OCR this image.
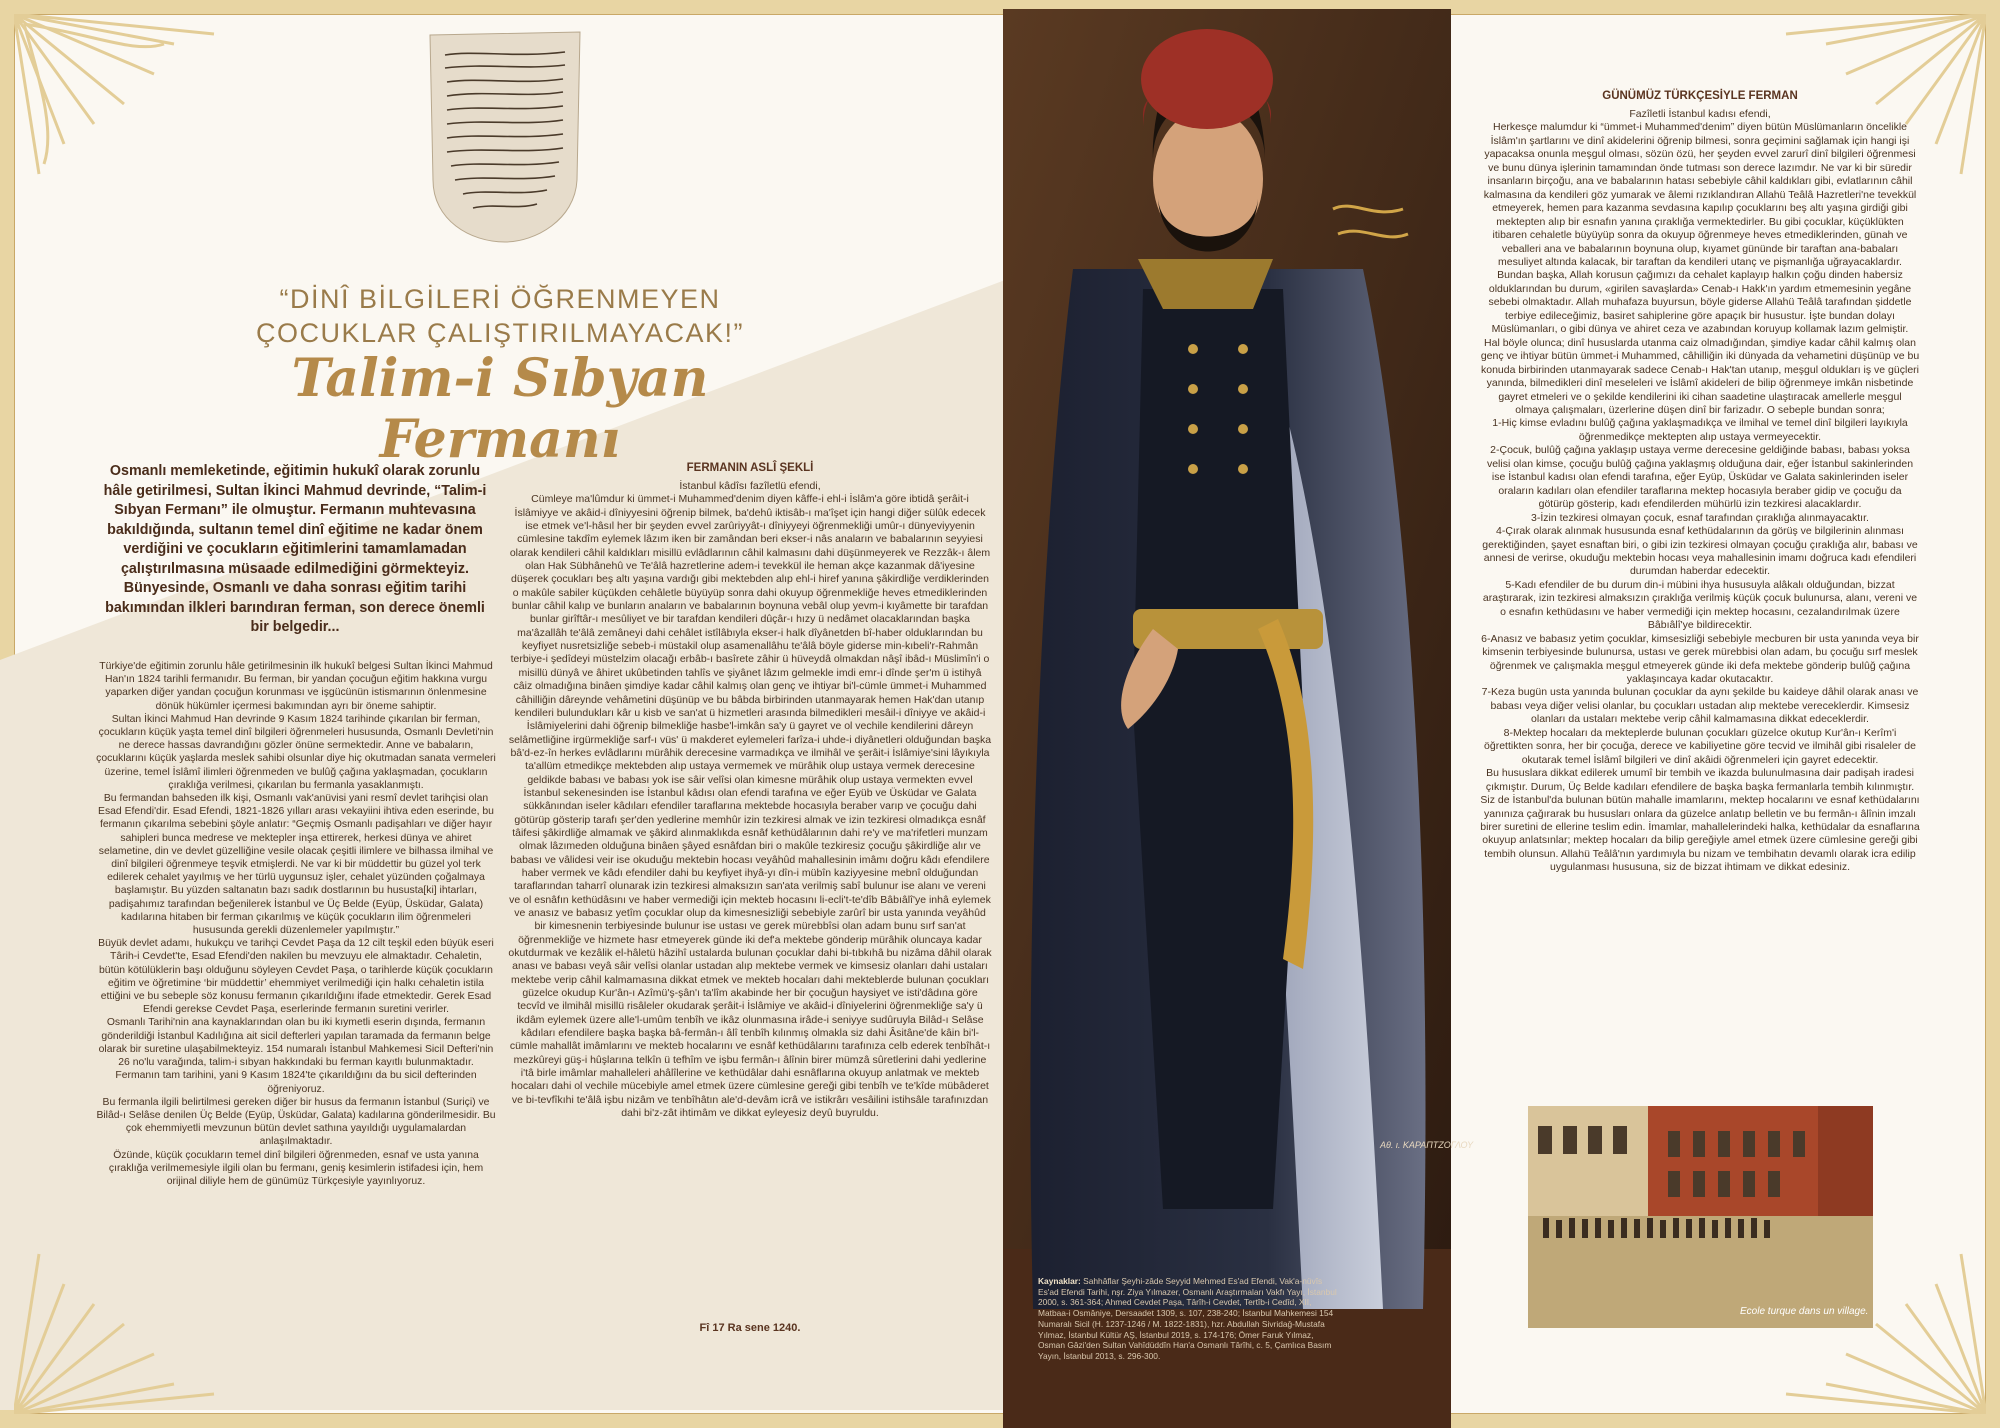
“DİNÎ BİLGİLERİ ÖĞRENMEYEN
ÇOCUKLAR ÇALIŞTIRILMAYACAK!”
Talim-i Sıbyan Fermanı
Osmanlı memleketinde, eğitimin hukukî olarak zorunlu hâle getirilmesi, Sultan İkinci Mahmud devrinde, “Talim-i Sıbyan Fermanı” ile olmuştur. Fermanın muhtevasına bakıldığında, sultanın temel dinî eğitime ne kadar önem verdiğini ve çocukların eğitimlerini tamamlamadan çalıştırılmasına müsaade edilmediğini görmekteyiz. Bünyesinde, Osmanlı ve daha sonrası eğitim tarihi bakımından ilkleri barındıran ferman, son derece önemli bir belgedir...

Türkiye'de eğitimin zorunlu hâle getirilmesinin ilk hukukî belgesi Sultan İkinci Mahmud Han'ın 1824 tarihli fermanıdır. Bu ferman, bir yandan çocuğun eğitim hakkına vurgu yaparken diğer yandan çocuğun korunması ve işgücünün istismarının önlenmesine dönük hükümler içermesi bakımından ayrı bir öneme sahiptir.

Sultan İkinci Mahmud Han devrinde 9 Kasım 1824 tarihinde çıkarılan bir ferman, çocukların küçük yaşta temel dinî bilgileri öğrenmeleri hususunda, Osmanlı Devleti'nin ne derece hassas davrandığını gözler önüne sermektedir. Anne ve babaların, çocuklarını küçük yaşlarda meslek sahibi olsunlar diye hiç okutmadan sanata vermeleri üzerine, temel İslâmî ilimleri öğrenmeden ve bulûğ çağına yaklaşmadan, çocukların çıraklığa verilmesi, çıkarılan bu fermanla yasaklanmıştı.

Bu fermandan bahseden ilk kişi, Osmanlı vak'anüvisi yani resmî devlet tarihçisi olan Esad Efendi'dir. Esad Efendi, 1821-1826 yılları arası vekayiini ihtiva eden eserinde, bu fermanın çıkarılma sebebini şöyle anlatır: “Geçmiş Osmanlı padişahları ve diğer hayır sahipleri bunca medrese ve mektepler inşa ettirerek, herkesi dünya ve ahiret selametine, din ve devlet güzelliğine vesile olacak çeşitli ilimlere ve bilhassa ilmihal ve dinî bilgileri öğrenmeye teşvik etmişlerdi. Ne var ki bir müddettir bu güzel yol terk edilerek cehalet yayılmış ve her türlü uygunsuz işler, cehalet yüzünden çoğalmaya başlamıştır. Bu yüzden saltanatın bazı sadık dostlarının bu hususta[ki] ihtarları, padişahımız tarafından beğenilerek İstanbul ve Üç Belde (Eyüp, Üsküdar, Galata) kadılarına hitaben bir ferman çıkarılmış ve küçük çocukların ilim öğrenmeleri hususunda gerekli düzenlemeler yapılmıştır.”

Büyük devlet adamı, hukukçu ve tarihçi Cevdet Paşa da 12 cilt teşkil eden büyük eseri Târih-i Cevdet'te, Esad Efendi'den nakilen bu mevzuyu ele almaktadır. Cehaletin, bütün kötülüklerin başı olduğunu söyleyen Cevdet Paşa, o tarihlerde küçük çocukların eğitim ve öğretimine ‘bir müddettir’ ehemmiyet verilmediği için halkı cehaletin istila ettiğini ve bu sebeple söz konusu fermanın çıkarıldığını ifade etmektedir. Gerek Esad Efendi gerekse Cevdet Paşa, eserlerinde fermanın suretini verirler.

Osmanlı Tarihi'nin ana kaynaklarından olan bu iki kıymetli eserin dışında, fermanın gönderildiği İstanbul Kadılığına ait sicil defterleri yapılan taramada da fermanın belge olarak bir suretine ulaşabilmekteyiz. 154 numaralı İstanbul Mahkemesi Sicil Defteri'nin 26 no'lu varağında, talim-i sıbyan hakkındaki bu ferman kayıtlı bulunmaktadır. Fermanın tam tarihini, yani 9 Kasım 1824'te çıkarıldığını da bu sicil defterinden öğreniyoruz.

Bu fermanla ilgili belirtilmesi gereken diğer bir husus da fermanın İstanbul (Suriçi) ve Bilâd-ı Selâse denilen Üç Belde (Eyüp, Üsküdar, Galata) kadılarına gönderilmesidir. Bu çok ehemmiyetli mevzunun bütün devlet sathına yayıldığı uygulamalardan anlaşılmaktadır.

Özünde, küçük çocukların temel dinî bilgileri öğrenmeden, esnaf ve usta yanına çıraklığa verilmemesiyle ilgili olan bu fermanı, geniş kesimlerin istifadesi için, hem orijinal diliyle hem de günümüz Türkçesiyle yayınlıyoruz.

FERMANIN ASLÎ ŞEKLİ

İstanbul kâdîsı fazîletlü efendi,

Cümleye ma'lûmdur ki ümmet-i Muhammed'denim diyen kâffe-i ehl-i İslâm'a göre ibtidâ şerâit-i İslâmiyye ve akâid-i dîniyyesini öğrenip bilmek, ba'dehû iktisâb-ı ma'îşet için hangi diğer sülûk edecek ise etmek ve'l-hâsıl her bir şeyden evvel zarûriyyât-ı dîniyyeyi öğrenmekliği umûr-ı dünyeviyyenin cümlesine takdîm eylemek lâzım iken bir zamândan beri ekser-i nâs anaların ve babalarının seyyiesi olarak kendileri câhil kaldıkları misillü evlâdlarının câhil kalmasını dahi düşünmeyerek ve Rezzâk-ı âlem olan Hak Sübhânehû ve Te'âlâ hazretlerine adem-i tevekkül ile heman akçe kazanmak dâ'iyesine düşerek çocukları beş altı yaşına vardığı gibi mektebden alıp ehl-i hiref yanına şâkirdliğe verdiklerinden o makûle sabiler küçükden cehâletle büyüyüp sonra dahi okuyup öğrenmekliğe heves etmediklerinden bunlar câhil kalıp ve bunların anaların ve babalarının boynuna vebâl olup yevm-i kıyâmette bir tarafdan bunlar girîftâr-ı mesûliyet ve bir tarafdan kendileri dûçâr-ı hızy ü nedâmet olacaklarından başka ma'âzallâh te'âlâ zemâneyi dahi cehâlet istîlâbıyla ekser-i halk dîyânetden bî-haber olduklarından bu keyfiyet nusretsizliğe sebeb-i müstakil olup asamenallâhu te'âlâ böyle giderse min-kıbeli'r-Rahmân terbiye-i şedîdeyi müstelzim olacağı erbâb-ı basîrete zâhir ü hüveydâ olmakdan nâşî ibâd-ı Müslimîn'i o misillü dünyâ ve âhiret ukûbetinden tahlîs ve şiyânet lâzım gelmekle imdi emr-i dînde şer'm ü istihyâ câiz olmadığına binâen şimdiye kadar câhil kalmış olan genç ve ihtiyar bi'l-cümle ümmet-i Muhammed câhilliğin dâreynde vehâmetini düşünüp ve bu bâbda birbirinden utanmayarak hemen Hak'dan utanıp kendileri bulundukları kâr u kisb ve san'at ü hizmetleri arasında bilmedikleri mesâil-i dîniyye ve akâid-i İslâmiyelerini dahi öğrenip bilmekliğe hasbe'l-imkân sa'y ü gayret ve ol vechile kendilerini dâreyn selâmetliğine irgürmekliğe sarf-ı vüs' ü makderet eylemeleri farîza-i uhde-i diyânetleri olduğundan başka bâ'd-ez-în herkes evlâdlarını mürâhik derecesine varmadıkça ve ilmihâl ve şerâit-i İslâmiye'sini lâyıkıyla ta'allüm etmedikçe mektebden alıp ustaya vermemek ve mürâhik olup ustaya vermek derecesine geldikde babası ve babası yok ise sâir velîsi olan kimesne mürâhik olup ustaya vermekten evvel İstanbul sekenesinden ise İstanbul kâdısı olan efendi tarafına ve eğer Eyüb ve Üsküdar ve Galata sükkânından iseler kâdıları efendiler taraflarına mektebde hocasıyla beraber varıp ve çocuğu dahi götürüp gösterip tarafı şer'den yedlerine memhûr izin tezkiresi almak ve izin tezkiresi olmadıkça esnâf tâifesi şâkirdliğe almamak ve şâkird alınmaklıkda esnâf kethüdâlarının dahi re'y ve ma'rifetleri munzam olmak lâzımeden olduğuna binâen şâyed esnâfdan biri o makûle tezkiresiz çocuğu şâkirdliğe alır ve babası ve vâlidesi veir ise okuduğu mektebin hocası veyâhûd mahallesinin imâmı doğru kâdı efendilere haber vermek ve kâdı efendiler dahi bu keyfiyet ihyâ-yı dîn-i mübîn kaziyyesine mebnî olduğundan taraflarından taharrî olunarak izin tezkiresi almaksızın san'ata verilmiş sabî bulunur ise alanı ve vereni ve ol esnâfın kethüdâsını ve haber vermediği için mekteb hocasını li-ecli't-te'dîb Bâbıâlî'ye inhâ eylemek ve anasız ve babasız yetîm çocuklar olup da kimesnesizliği sebebiyle zarûrî bir usta yanında veyâhûd bir kimesnenin terbiyesinde bulunur ise ustası ve gerek mürebbîsi olan adam bunu sırf san'at öğrenmekliğe ve hizmete hasr etmeyerek günde iki def'a mektebe gönderip mürâhik oluncaya kadar okutdurmak ve kezâlik el-hâletü hâzihî ustalarda bulunan çocuklar dahi bi-tıbkıhâ bu nizâma dâhil olarak anası ve babası veyâ sâir velîsi olanlar ustadan alıp mektebe vermek ve kimsesiz olanları dahi ustaları mektebe verip câhil kalmamasına dikkat etmek ve mekteb hocaları dahi mekteblerde bulunan çocukları güzelce okudup Kur'ân-ı Azîmü'ş-şân'ı ta'lîm akabinde her bir çocuğun haysiyet ve isti'dâdına göre tecvîd ve ilmihâl misillü risâleler okudarak şerâit-i İslâmiye ve akâid-i dîniyelerini öğrenmekliğe sa'y ü ikdâm eylemek üzere alle'l-umûm tenbîh ve ikâz olunmasına irâde-i seniyye sudûruyla Bilâd-ı Selâse kâdıları efendilere başka başka bâ-fermân-ı âlî tenbîh kılınmış olmakla siz dahi Âsitâne'de kâin bi'l-cümle mahallât imâmlarını ve mekteb hocalarını ve esnâf kethüdâlarını tarafınıza celb ederek tenbîhât-ı mezkûreyi güş-i hûşlarına telkîn ü tefhîm ve işbu fermân-ı âlînin birer mümzâ sûretlerini dahi yedlerine i'tâ birle imâmlar mahalleleri ahâlîlerine ve kethüdâlar dahi esnâflarına okuyup anlatmak ve mekteb hocaları dahi ol vechile mücebiyle amel etmek üzere cümlesine gereği gibi tenbîh ve te'kîde mübâderet ve bi-tevfîkıhi te'âlâ işbu nizâm ve tenbîhâtın ale'd-devâm icrâ ve istikrârı vesâilini istihsâle tarafınızdan dahi bi'z-zât ihtimâm ve dikkat eyleyesiz deyû buyruldu.

Fî 17 Ra sene 1240.
Αθ. ι. ΚΑΡΑΠΤΖΟΓΛΟΥ
Kaynaklar: Sahhâflar Şeyhi-zâde Seyyid Mehmed Es'ad Efendi, Vak'a-nüvîs Es'ad Efendi Tarihi, nşr. Ziya Yılmazer, Osmanlı Araştırmaları Vakfı Yayı, İstanbul 2000, s. 361-364; Ahmed Cevdet Paşa, Târîh-i Cevdet, Tertîb-i Cedîd, XII, Matbaa-i Osmâniye, Dersaadet 1309, s. 107, 238-240; İstanbul Mahkemesi 154 Numaralı Sicil (H. 1237-1246 / M. 1822-1831), hzr. Abdullah Sivridağ-Mustafa Yılmaz, İstanbul Kültür AŞ, İstanbul 2019, s. 174-176; Ömer Faruk Yılmaz, Osman Gâzi'den Sultan Vahîdüddîn Han'a Osmanlı Târîhi, c. 5, Çamlıca Basım Yayın, İstanbul 2013, s. 296-300.
GÜNÜMÜZ TÜRKÇESİYLE FERMAN

Fazîletli İstanbul kadısı efendi,

Herkesçe malumdur ki “ümmet-i Muhammed'denim” diyen bütün Müslümanların öncelikle İslâm'ın şartlarını ve dinî akidelerini öğrenip bilmesi, sonra geçimini sağlamak için hangi işi yapacaksa onunla meşgul olması, sözün özü, her şeyden evvel zarurî dinî bilgileri öğrenmesi ve bunu dünya işlerinin tamamından önde tutması son derece lazımdır. Ne var ki bir süredir insanların birçoğu, ana ve babalarının hatası sebebiyle câhil kaldıkları gibi, evlatlarının câhil kalmasına da kendileri göz yumarak ve âlemi rızıklandıran Allahü Teâlâ Hazretleri'ne tevekkül etmeyerek, hemen para kazanma sevdasına kapılıp çocuklarını beş altı yaşına girdiği gibi mektepten alıp bir esnafın yanına çıraklığa vermektedirler. Bu gibi çocuklar, küçüklükten itibaren cehaletle büyüyüp sonra da okuyup öğrenmeye heves etmediklerinden, günah ve veballeri ana ve babalarının boynuna olup, kıyamet gününde bir taraftan ana-babaları mesuliyet altında kalacak, bir taraftan da kendileri utanç ve pişmanlığa uğrayacaklardır. Bundan başka, Allah korusun çağımızı da cehalet kaplayıp halkın çoğu dinden habersiz olduklarından bu durum, «girilen savaşlarda» Cenab-ı Hakk'ın yardım etmemesinin yegâne sebebi olmaktadır. Allah muhafaza buyursun, böyle giderse Allahü Teâlâ tarafından şiddetle terbiye edileceğimiz, basiret sahiplerine göre apaçık bir husustur. İşte bundan dolayı Müslümanları, o gibi dünya ve ahiret ceza ve azabından koruyup kollamak lazım gelmiştir.

Hal böyle olunca; dinî hususlarda utanma caiz olmadığından, şimdiye kadar câhil kalmış olan genç ve ihtiyar bütün ümmet-i Muhammed, câhilliğin iki dünyada da vehametini düşünüp ve bu konuda birbirinden utanmayarak sadece Cenab-ı Hak'tan utanıp, meşgul oldukları iş ve güçleri yanında, bilmedikleri dinî meseleleri ve İslâmî akideleri de bilip öğrenmeye imkân nisbetinde gayret etmeleri ve o şekilde kendilerini iki cihan saadetine ulaştıracak amellerle meşgul olmaya çalışmaları, üzerlerine düşen dinî bir farizadır. O sebeple bundan sonra;

1-Hiç kimse evladını bulûğ çağına yaklaşmadıkça ve ilmihal ve temel dinî bilgileri layıkıyla öğrenmedikçe mektepten alıp ustaya vermeyecektir.

2-Çocuk, bulûğ çağına yaklaşıp ustaya verme derecesine geldiğinde babası, babası yoksa velisi olan kimse, çocuğu bulûğ çağına yaklaşmış olduğuna dair, eğer İstanbul sakinlerinden ise İstanbul kadısı olan efendi tarafına, eğer Eyüp, Üsküdar ve Galata sakinlerinden iseler oraların kadıları olan efendiler taraflarına mektep hocasıyla beraber gidip ve çocuğu da götürüp gösterip, kadı efendilerden mühürlü izin tezkiresi alacaklardır.

3-İzin tezkiresi olmayan çocuk, esnaf tarafından çıraklığa alınmayacaktır.

4-Çırak olarak alınmak hususunda esnaf kethüdalarının da görüş ve bilgilerinin alınması gerektiğinden, şayet esnaftan biri, o gibi izin tezkiresi olmayan çocuğu çıraklığa alır, babası ve annesi de verirse, okuduğu mektebin hocası veya mahallesinin imamı doğruca kadı efendileri durumdan haberdar edecektir.

5-Kadı efendiler de bu durum din-i mübini ihya hususuyla alâkalı olduğundan, bizzat araştırarak, izin tezkiresi almaksızın çıraklığa verilmiş küçük çocuk bulunursa, alanı, vereni ve o esnafın kethüdasını ve haber vermediği için mektep hocasını, cezalandırılmak üzere Bâbıâlî'ye bildirecektir.

6-Anasız ve babasız yetim çocuklar, kimsesizliği sebebiyle mecburen bir usta yanında veya bir kimsenin terbiyesinde bulunursa, ustası ve gerek mürebbisi olan adam, bu çocuğu sırf meslek öğrenmek ve çalışmakla meşgul etmeyerek günde iki defa mektebe gönderip bulûğ çağına yaklaşıncaya kadar okutacaktır.

7-Keza bugün usta yanında bulunan çocuklar da aynı şekilde bu kaideye dâhil olarak anası ve babası veya diğer velisi olanlar, bu çocukları ustadan alıp mektebe vereceklerdir. Kimsesiz olanları da ustaları mektebe verip câhil kalmamasına dikkat edeceklerdir.

8-Mektep hocaları da mekteplerde bulunan çocukları güzelce okutup Kur'ân-ı Kerîm'i öğrettikten sonra, her bir çocuğa, derece ve kabiliyetine göre tecvid ve ilmihâl gibi risaleler de okutarak temel İslâmî bilgileri ve dinî akâidi öğrenmeleri için gayret edecektir.

Bu hususlara dikkat edilerek umumî bir tembih ve ikazda bulunulmasına dair padişah iradesi çıkmıştır. Durum, Üç Belde kadıları efendilere de başka başka fermanlarla tembih kılınmıştır.

Siz de İstanbul'da bulunan bütün mahalle imamlarını, mektep hocalarını ve esnaf kethüdalarını yanınıza çağırarak bu hususları onlara da güzelce anlatıp belletin ve bu fermân-ı âlînin imzalı birer suretini de ellerine teslim edin. İmamlar, mahallelerindeki halka, kethüdalar da esnaflarına okuyup anlatsınlar; mektep hocaları da bilip gereğiyle amel etmek üzere cümlesine gereği gibi tembih olunsun. Allahü Teâlâ'nın yardımıyla bu nizam ve tembihatın devamlı olarak icra edilip uygulanması hususuna, siz de bizzat ihtimam ve dikkat edesiniz.

Ecole turque dans un village.
